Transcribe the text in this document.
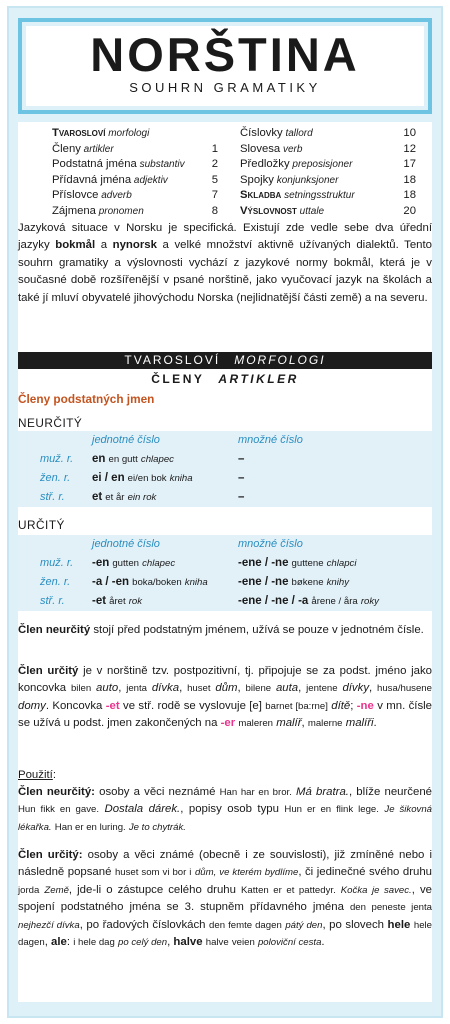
NORŠTINA
SOUHRN GRAMATIKY
Tvarosloví morfologi
Členy artikler	1
Podstatná jména substantiv 2
Přídavná jména adjektiv	5
Příslovce adverb	7
Zájmena pronomen	8
Číslovky tallord	10
Slovesa verb	12
Předložky preposisjoner	17
Spojky konjunksjoner	18
Skladba setningsstruktur	18
Výslovnost uttale	20
Jazyková situace v Norsku je specifická. Existují zde vedle sebe dva úřední jazyky bokmål a nynorsk a velké množství aktivně užívaných dialektů. Tento souhrn gramatiky a výslovnosti vychází z jazykové normy bokmål, která je v současné době rozšířenější v psané norštině, jako vyučovací jazyk na školách a také jí mluví obyvatelé jihovýchodu Norska (nejlidnatější části země) a na severu.
TVAROSLOVÍ MORFOLOGI
ČLENY ARTIKLER
Členy podstatných jmen
NEURČITÝ
jednotné číslo	množné číslo
muž. r. en en gutt chlapec	–
žen. r. ei / en ei/en bok kniha	–
stř. r. et et år ein rok	–
URČITÝ
jednotné číslo	množné číslo
muž. r. -en gutten chlapec	-ene / -ne guttene chlapci
žen. r. -a / -en boka/boken kniha	-ene / -ne bøkene knihy
stř. r. -et året rok	-ene / -ne / -a årene / åra roky
Člen neurčitý stojí před podstatným jménem, užívá se pouze v jednotném čísle.
Člen určitý je v norštině tzv. postpozitivní, tj. připojuje se za podst. jméno jako koncovka bilen auto, jenta dívka, huset dům, bilene auta, jentene dívky, husa/husene domy. Koncovka -et ve stř. rodě se vyslovuje [e] barnet [ba:rne] dítě; -ne v mn. čísle se užívá u podst. jmen zakončených na -er maleren malíř, malerne malíři.
Použití:
Člen neurčitý: osoby a věci neznámé Han har en bror. Má bratra., blíže neurčené Hun fikk en gave. Dostala dárek., popisy osob typu Hun er en flink lege. Je šikovná lékařka. Han er en luring. Je to chytrák.
Člen určitý: osoby a věci známé (obecně i ze souvislosti), již zmíněné nebo i následně popsané huset som vi bor i dům, ve kterém bydlíme, či jedinečné svého druhu jorda Země, jde-li o zástupce celého druhu Katten er et pattedyr. Kočka je savec., ve spojení podstatného jména se 3. stupněm přídavného jména den peneste jenta nejhezčí dívka, po řadových číslovkách den femte dagen pátý den, po slovech hele hele dagen, ale: i hele dag po celý den, halve halve veien poloviční cesta.
